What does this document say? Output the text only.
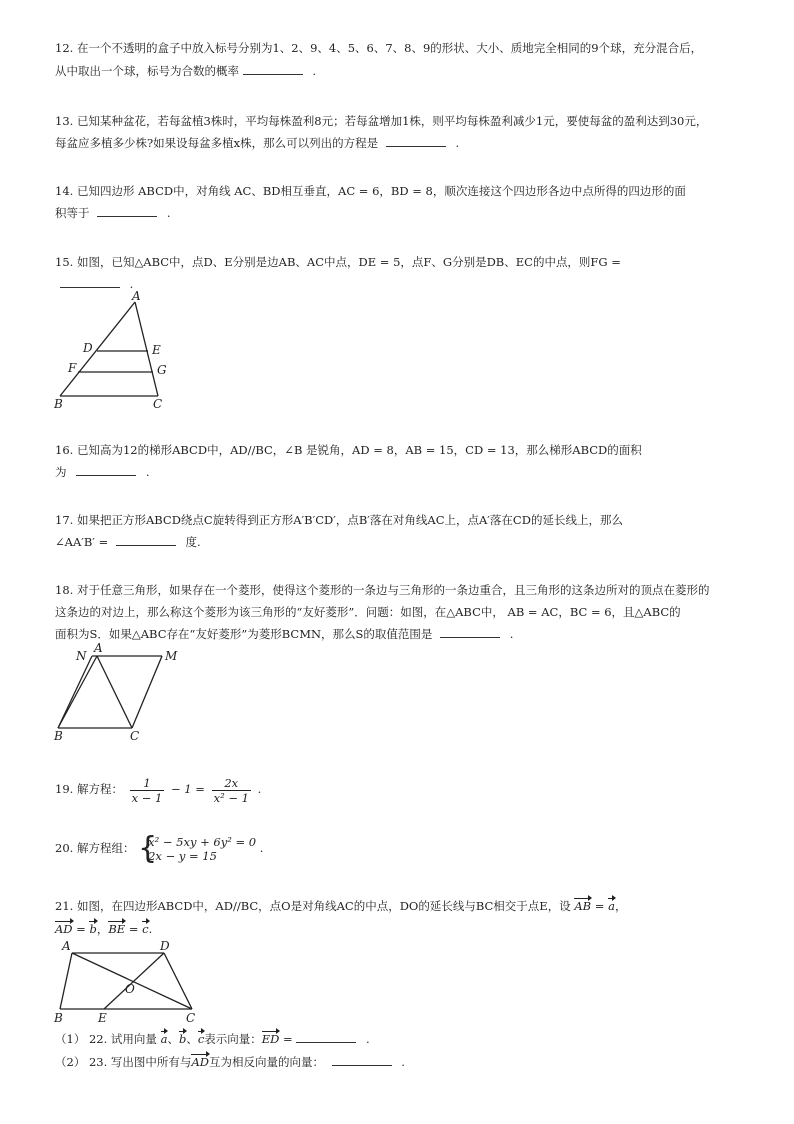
12. 在一个不透明的盒子中放入标号分别为1、2、9、4、5、6、7、8、9的形状、大小、质地完全相同的9个球，充分混合后，
从中取出一个球，标号为合数的概率	.
13. 已知某种盆花，若每盆植3株时，平均每株盈利8元；若每盆增加1株，则平均每株盈利减少1元，要使每盆的盈利达到30元，
每盆应多植多少株?如果设每盆多植x株，那么可以列出的方程是	.
14. 已知四边形 ABCD中，对角线 AC、BD相互垂直，AC = 6，BD = 8，顺次连接这个四边形各边中点所得的四边形的面
积等于	.
15. 如图，已知△ABC中，点D、E分别是边AB、AC中点，DE = 5，点F、G分别是DB、EC的中点，则FG =
.
A
D	E
F	G
B	C
16. 已知高为12的梯形ABCD中，AD//BC，∠B 是锐角，AD = 8，AB = 15，CD = 13，那么梯形ABCD的面积
为	.
17. 如果把正方形ABCD绕点C旋转得到正方形A′B′CD′，点B′落在对角线AC上，点A′落在CD的延长线上，那么
∠AA′B′ =	度.
18. 对于任意三角形，如果存在一个菱形，使得这个菱形的一条边与三角形的一条边重合，且三角形的这条边所对的顶点在菱形的
这条边的对边上，那么称这个菱形为该三角形的“友好菱形”．问题：如图，在△ABC中， AB = AC，BC = 6，且△ABC的
面积为S．如果△ABC存在“友好菱形”为菱形BCMN，那么S的取值范围是	.
N
A
M
B	C
19. 解方程： $\frac{1}{x - 1} - 1 = \frac{2x}{\text{x² − 1}}$ .
20. 解方程组： {
x² − 5xy + 6y² = 0
2x − y = 15
.
21. 如图，在四边形ABCD中，AD//BC，点O是对角线AC的中点，DO的延长线与BC相交于点E，设 AB = a，
AD = b，BE = c.
A	D
O
B	E	C
（1） 22. 试用向量 a、b、c表示向量：ED =	.
（2） 23. 写出图中所有与AD互为相反向量的向量：	.
